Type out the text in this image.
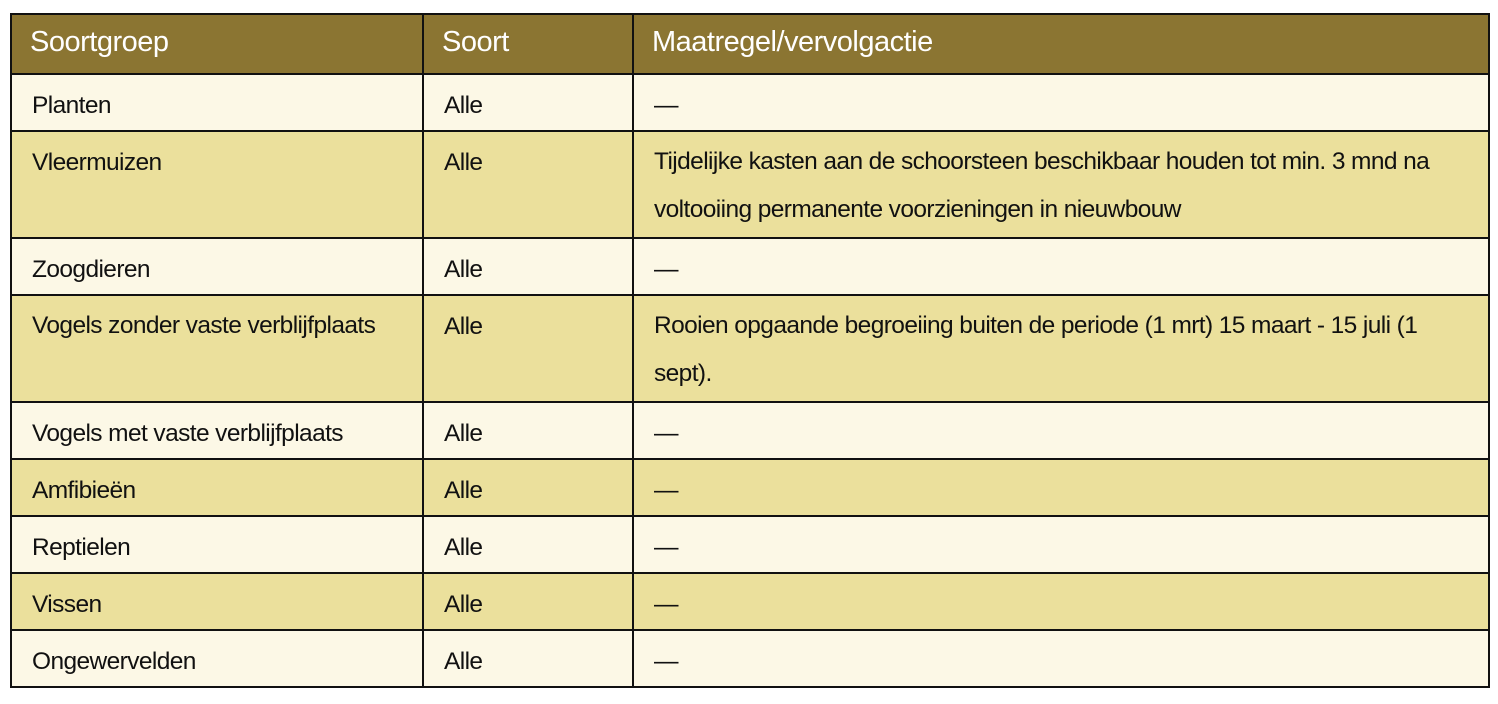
Soortgroep	Soort	Maatregel/vervolgactie
Planten	Alle	—
Vleermuizen	Alle	Tijdelijke kasten aan de schoorsteen beschikbaar houden tot min. 3 mnd na voltooiing permanente voorzieningen in nieuwbouw

Zoogdieren	Alle	—

Vogels zonder vaste verblijfplaats	Alle	Rooien opgaande begroeiing buiten de periode (1 mrt) 15 maart - 15 juli (1 sept).

Vogels met vaste verblijfplaats	Alle	—
Amfibieën	Alle	—
Reptielen	Alle	—
Vissen	Alle	—
Ongewervelden	Alle	—
